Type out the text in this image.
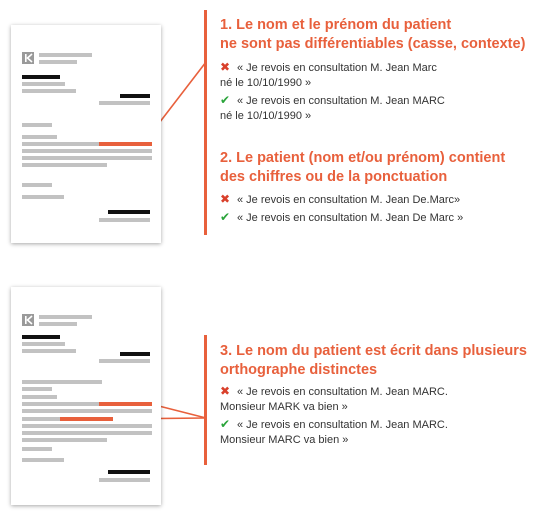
1. Le nom et le prénom du patient
ne sont pas différentiables (casse, contexte)
✖ « Je revois en consultation M. Jean Marc
né le 10/10/1990 »
✔ « Je revois en consultation M. Jean MARC
né le 10/10/1990 »
2. Le patient (nom et/ou prénom) contient
des chiffres ou de la ponctuation
✖ « Je revois en consultation M. Jean De.Marc»
✔ « Je revois en consultation M. Jean De Marc »
3. Le nom du patient est écrit dans plusieurs
orthographe distinctes
✖ « Je revois en consultation M. Jean MARC.
Monsieur MARK va bien »
✔ « Je revois en consultation M. Jean MARC.
Monsieur MARC va bien »
